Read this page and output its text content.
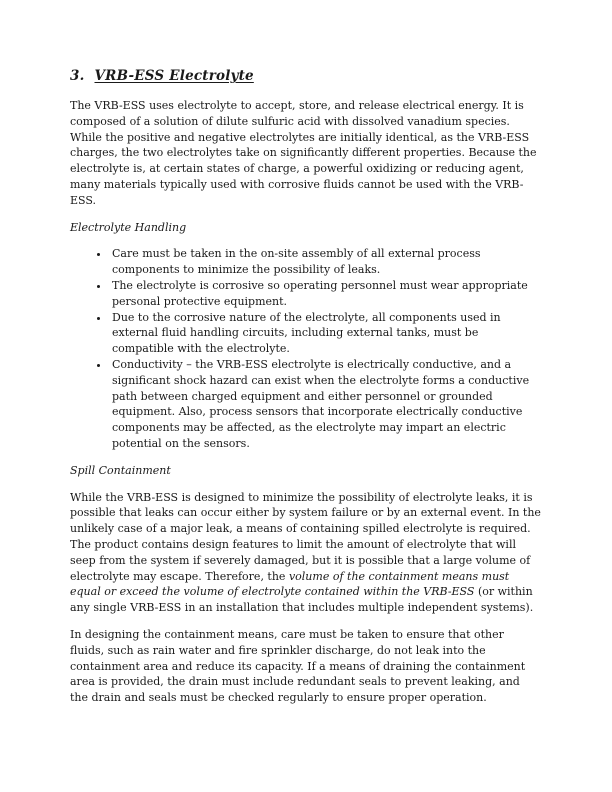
3. VRB-ESS Electrolyte

The VRB-ESS uses electrolyte to accept, store, and release electrical energy. It is composed of a solution of dilute sulfuric acid with dissolved vanadium species. While the positive and negative electrolytes are initially identical, as the VRB-ESS charges, the two electrolytes take on significantly different properties. Because the electrolyte is, at certain states of charge, a powerful oxidizing or reducing agent, many materials typically used with corrosive fluids cannot be used with the VRB-ESS.

Electrolyte Handling

• Care must be taken in the on-site assembly of all external process components to minimize the possibility of leaks.
• The electrolyte is corrosive so operating personnel must wear appropriate personal protective equipment.
• Due to the corrosive nature of the electrolyte, all components used in external fluid handling circuits, including external tanks, must be compatible with the electrolyte.
• Conductivity – the VRB-ESS electrolyte is electrically conductive, and a significant shock hazard can exist when the electrolyte forms a conductive path between charged equipment and either personnel or grounded equipment. Also, process sensors that incorporate electrically conductive components may be affected, as the electrolyte may impart an electric potential on the sensors.

Spill Containment

While the VRB-ESS is designed to minimize the possibility of electrolyte leaks, it is possible that leaks can occur either by system failure or by an external event. In the unlikely case of a major leak, a means of containing spilled electrolyte is required. The product contains design features to limit the amount of electrolyte that will seep from the system if severely damaged, but it is possible that a large volume of electrolyte may escape. Therefore, the volume of the containment means must equal or exceed the volume of electrolyte contained within the VRB-ESS (or within any single VRB-ESS in an installation that includes multiple independent systems).

In designing the containment means, care must be taken to ensure that other fluids, such as rain water and fire sprinkler discharge, do not leak into the containment area and reduce its capacity. If a means of draining the containment area is provided, the drain must include redundant seals to prevent leaking, and the drain and seals must be checked regularly to ensure proper operation.
